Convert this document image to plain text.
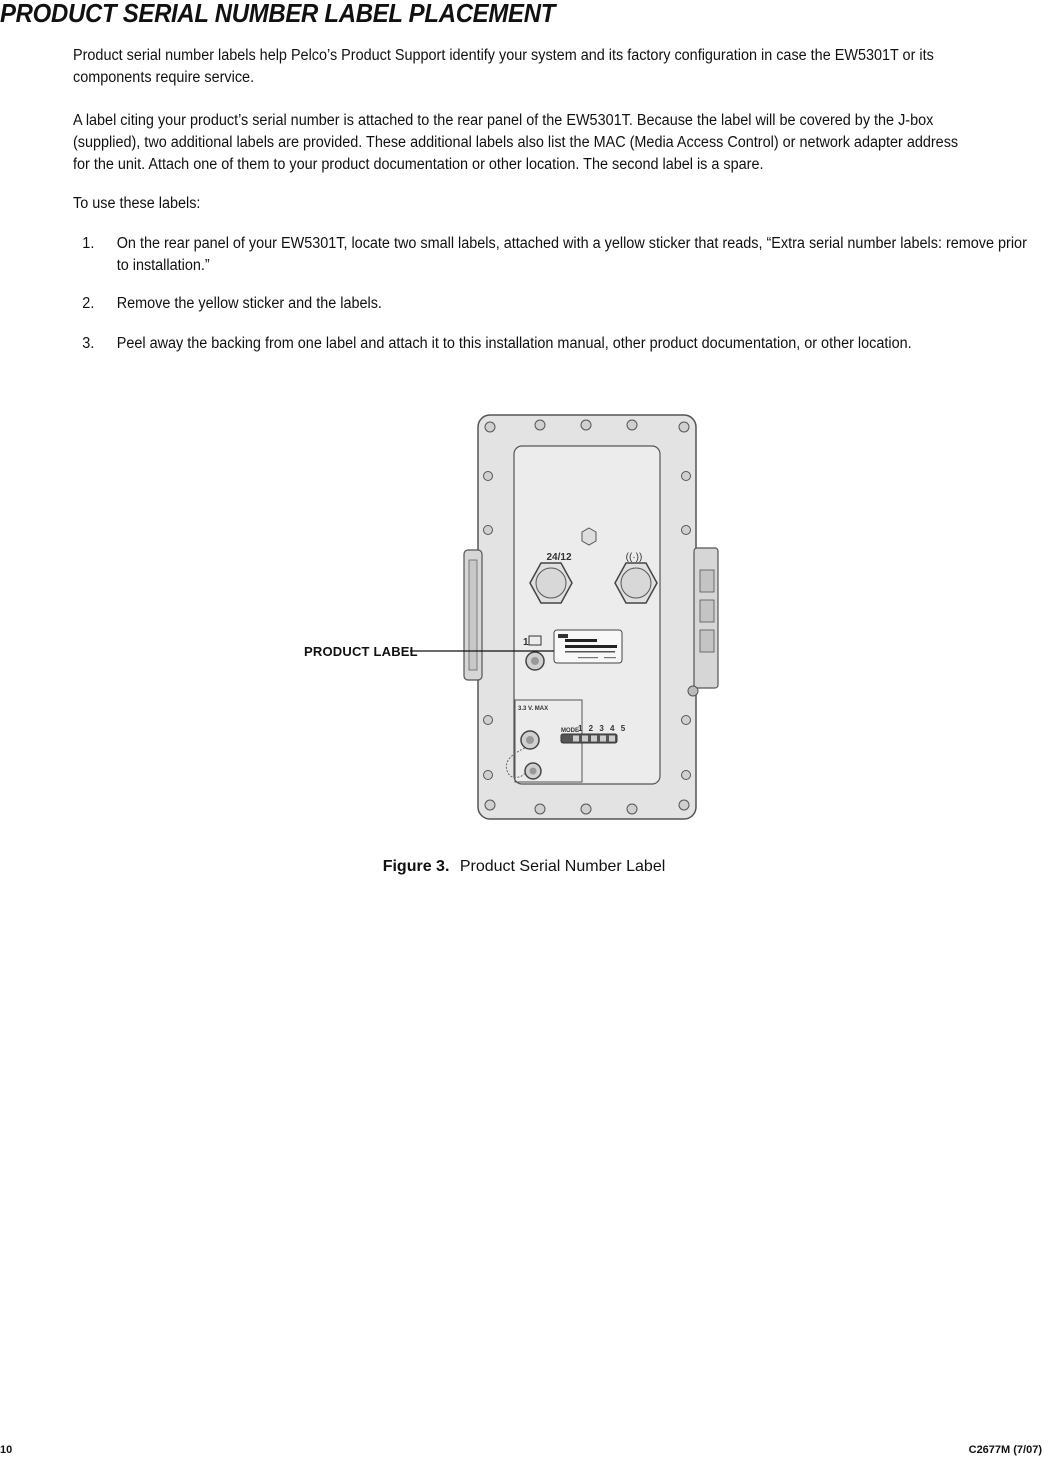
PRODUCT SERIAL NUMBER LABEL PLACEMENT

Product serial number labels help Pelco’s Product Support identify your system and its factory configuration in case the EW5301T or its components require service.

A label citing your product’s serial number is attached to the rear panel of the EW5301T. Because the label will be covered by the J-box (supplied), two additional labels are provided. These additional labels also list the MAC (Media Access Control) or network adapter address for the unit. Attach one of them to your product documentation or other location. The second label is a spare.

To use these labels:

1.	On the rear panel of your EW5301T, locate two small labels, attached with a yellow sticker that reads, “Extra serial number labels: remove prior to installation.”
2.	Remove the yellow sticker and the labels.
3.	Peel away the backing from one label and attach it to this installation manual, other product documentation, or other location.
24/12	((·))
1
3.3 V. MAX
MODE 1 2 3 4 5
PRODUCT LABEL
Figure 3. Product Serial Number Label
10	C2677M (7/07)
